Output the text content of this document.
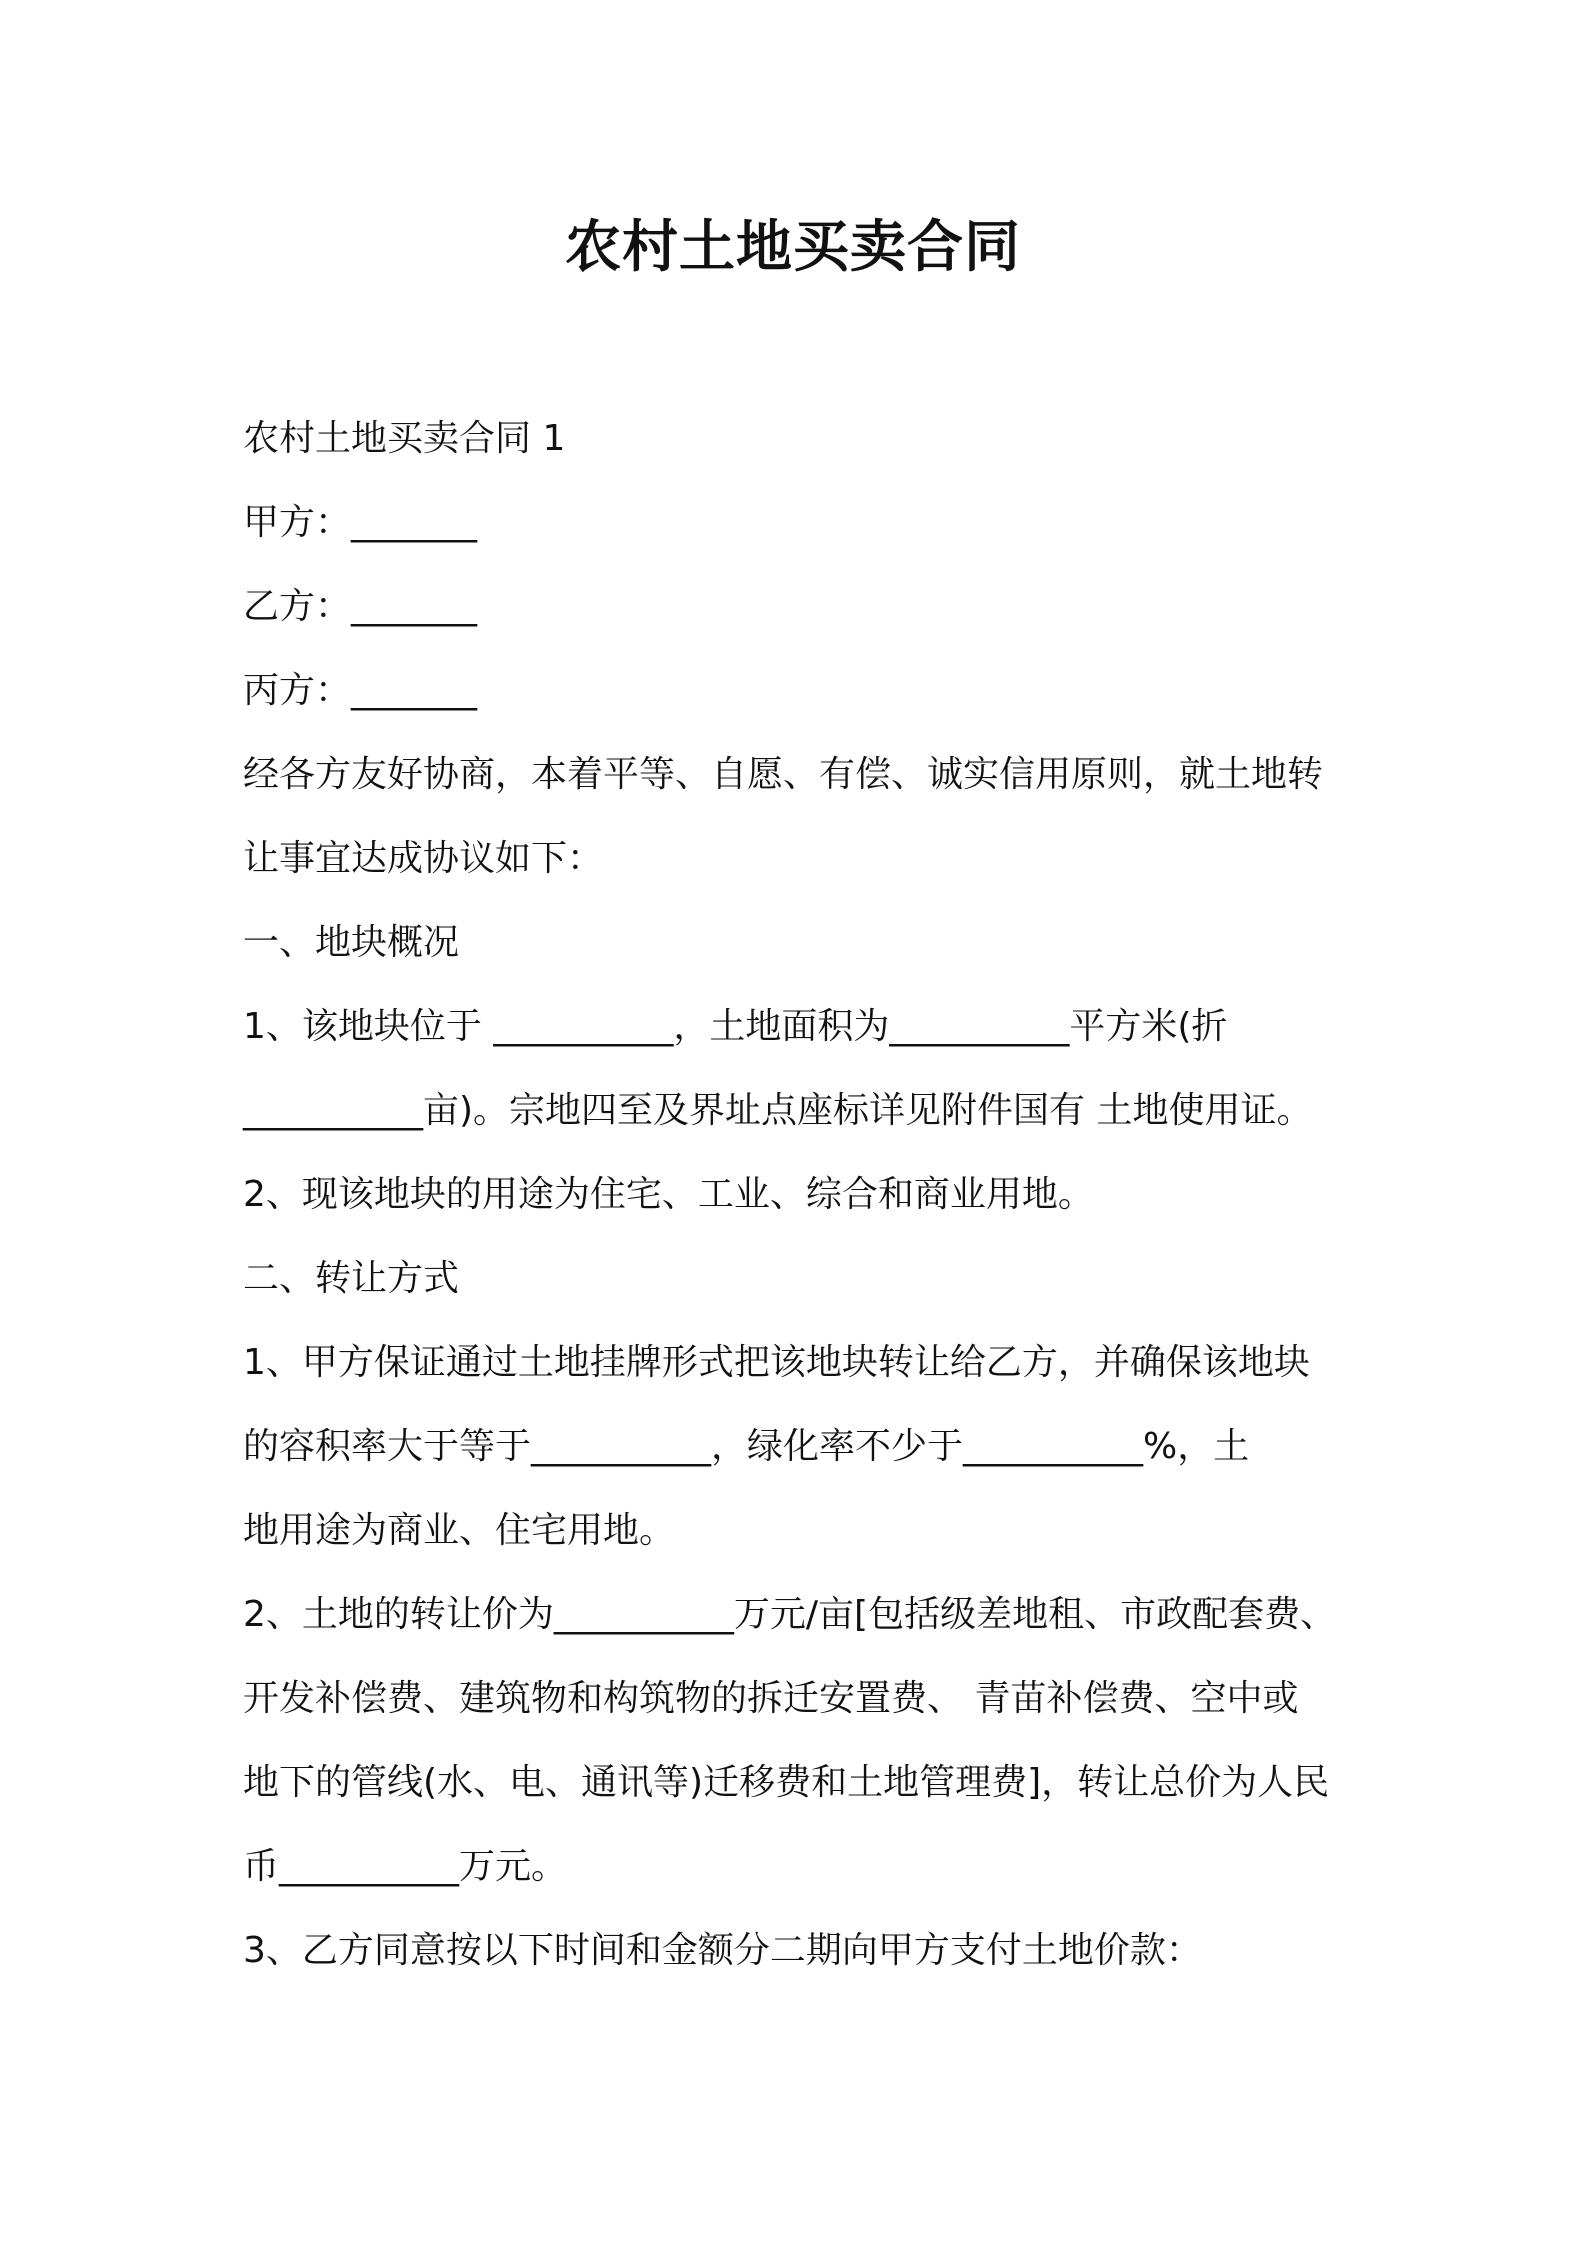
农村土地买卖合同

农村土地买卖合同 1

甲方：_______

乙方：_______

丙方：_______

经各方友好协商，本着平等、自愿、有偿、诚实信用原则，就土地转

让事宜达成协议如下：

一、地块概况

1、该地块位于 __________，土地面积为__________平方米(折

__________亩)。宗地四至及界址点座标详见附件国有 土地使用证。

2、现该地块的用途为住宅、工业、综合和商业用地。

二、转让方式

1、甲方保证通过土地挂牌形式把该地块转让给乙方，并确保该地块

的容积率大于等于__________，绿化率不少于__________%，土

地用途为商业、住宅用地。

2、土地的转让价为__________万元/亩[包括级差地租、市政配套费、

开发补偿费、建筑物和构筑物的拆迁安置费、 青苗补偿费、空中或

地下的管线(水、电、通讯等)迁移费和土地管理费]，转让总价为人民

币__________万元。

3、乙方同意按以下时间和金额分二期向甲方支付土地价款：
